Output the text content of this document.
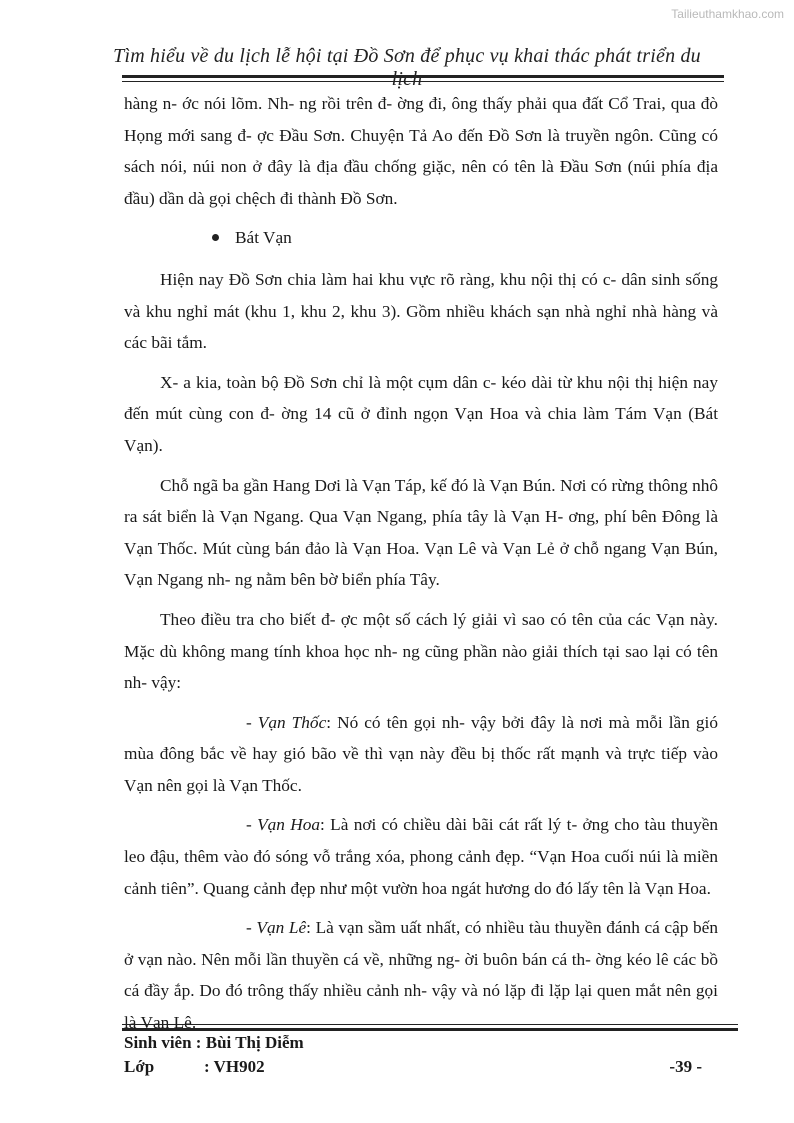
Tailieuthamkhao.com
Tìm hiểu về du lịch lễ hội tại Đồ Sơn để phục vụ khai thác phát triển du lịch

hàng n- ớc nói lõm. Nh- ng rồi trên đ- ờng đi, ông thấy phải qua đất Cổ Trai, qua đò Họng mới sang đ- ợc Đầu Sơn. Chuyện Tả Ao đến Đồ Sơn là truyền ngôn. Cũng có sách nói, núi non ở đây là địa đầu chống giặc, nên có tên là Đầu Sơn (núi phía địa đầu) dần dà gọi chệch đi thành Đồ Sơn.

Bát Vạn

Hiện nay Đồ Sơn chia làm hai khu vực rõ ràng, khu nội thị có c- dân sinh sống và khu nghỉ mát (khu 1, khu 2, khu 3). Gồm nhiều khách sạn nhà nghỉ nhà hàng và các bãi tắm.

X- a kia, toàn bộ Đồ Sơn chỉ là một cụm dân c- kéo dài từ khu nội thị hiện nay đến mút cùng con đ- ờng 14 cũ ở đỉnh ngọn Vạn Hoa và chia làm Tám Vạn (Bát Vạn).

Chỗ ngã ba gần Hang Dơi là Vạn Táp, kế đó là Vạn Bún. Nơi có rừng thông nhô ra sát biển là Vạn Ngang. Qua Vạn Ngang, phía tây là Vạn H- ơng, phí bên Đông là Vạn Thốc. Mút cùng bán đảo là Vạn Hoa. Vạn Lê và Vạn Lẻ ở chỗ ngang Vạn Bún, Vạn Ngang nh- ng nằm bên bờ biển phía Tây.

Theo điều tra cho biết đ- ợc một số cách lý giải vì sao có tên của các Vạn này. Mặc dù không mang tính khoa học nh- ng cũng phần nào giải thích tại sao lại có tên nh- vậy:

- Vạn Thốc: Nó có tên gọi nh- vậy bởi đây là nơi mà mỗi lần gió mùa đông bắc về hay gió bão về thì vạn này đều bị thốc rất mạnh và trực tiếp vào Vạn nên gọi là Vạn Thốc.

- Vạn Hoa: Là nơi có chiều dài bãi cát rất lý t- ởng cho tàu thuyền leo đậu, thêm vào đó sóng vỗ trắng xóa, phong cảnh đẹp. “Vạn Hoa cuối núi là miền cảnh tiên”. Quang cảnh đẹp như một vườn hoa ngát hương do đó lấy tên là Vạn Hoa.

- Vạn Lê: Là vạn sầm uất nhất, có nhiều tàu thuyền đánh cá cập bến ở vạn nào. Nên mỗi lần thuyền cá về, những ng- ời buôn bán cá th- ờng kéo lê các bồ cá đầy ắp. Do đó trông thấy nhiều cảnh nh- vậy và nó lặp đi lặp lại quen mắt nên gọi là Vạn Lê.

Sinh viên :
Bùi Thị Diễm
Lớp	: VH902	-39 -
